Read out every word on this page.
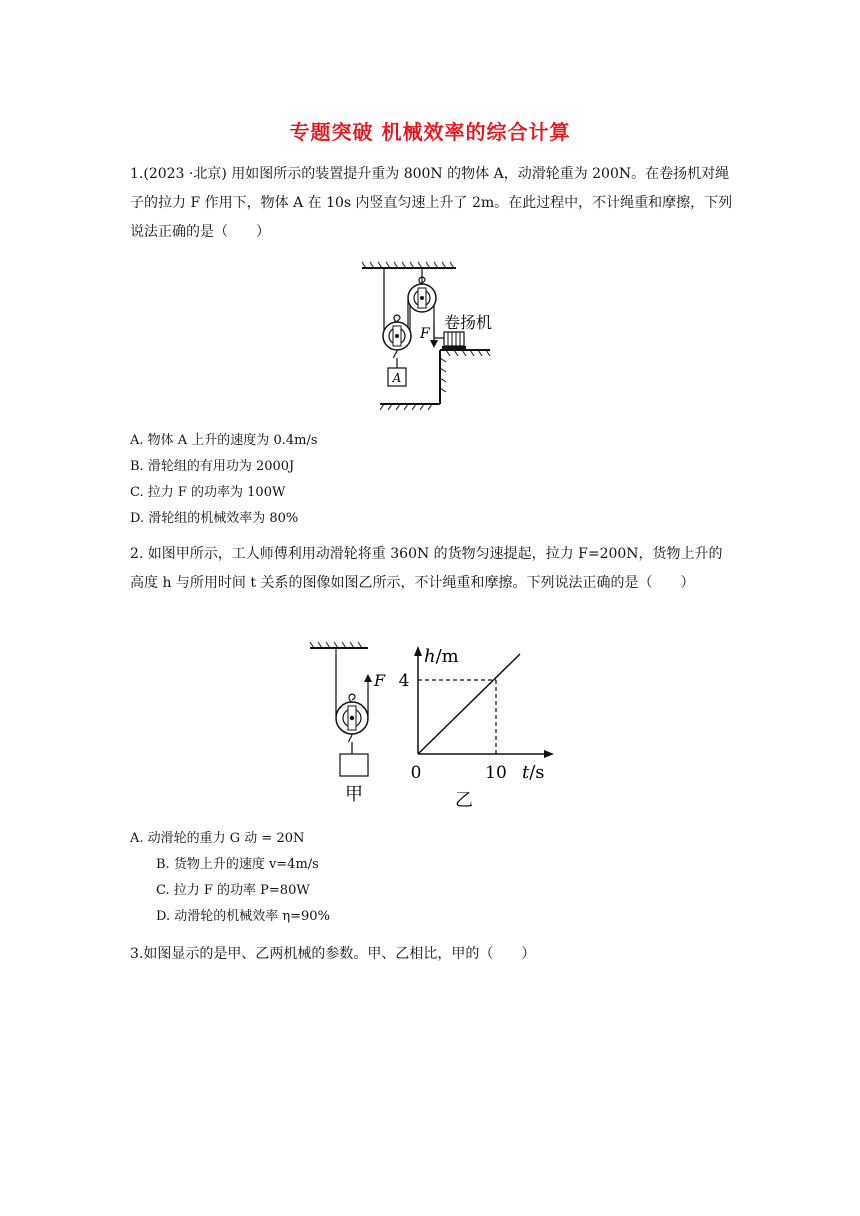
专题突破 机械效率的综合计算

1.(2023 ·北京) 用如图所示的装置提升重为 800N 的物体 A，动滑轮重为 200N。在卷扬机对绳子的拉力 F 作用下，物体 A 在 10s 内竖直匀速上升了 2m。在此过程中，不计绳重和摩擦，下列说法正确的是（　　）

A
F
卷扬机
A. 物体 A 上升的速度为 0.4m/s
B. 滑轮组的有用功为 2000J
C. 拉力 F 的功率为 100W
D. 滑轮组的机械效率为 80%

2. 如图甲所示，工人师傅利用动滑轮将重 360N 的货物匀速提起，拉力 F=200N，货物上升的高度 h 与所用时间 t 关系的图像如图乙所示，不计绳重和摩擦。下列说法正确的是（　　）

F
甲
h/m
4
0	10 t/s
乙
A. 动滑轮的重力 G 动 = 20N
B. 货物上升的速度 v=4m/s
C. 拉力 F 的功率 P=80W
D. 动滑轮的机械效率 η=90%

3.如图显示的是甲、乙两机械的参数。甲、乙相比，甲的（　　）
